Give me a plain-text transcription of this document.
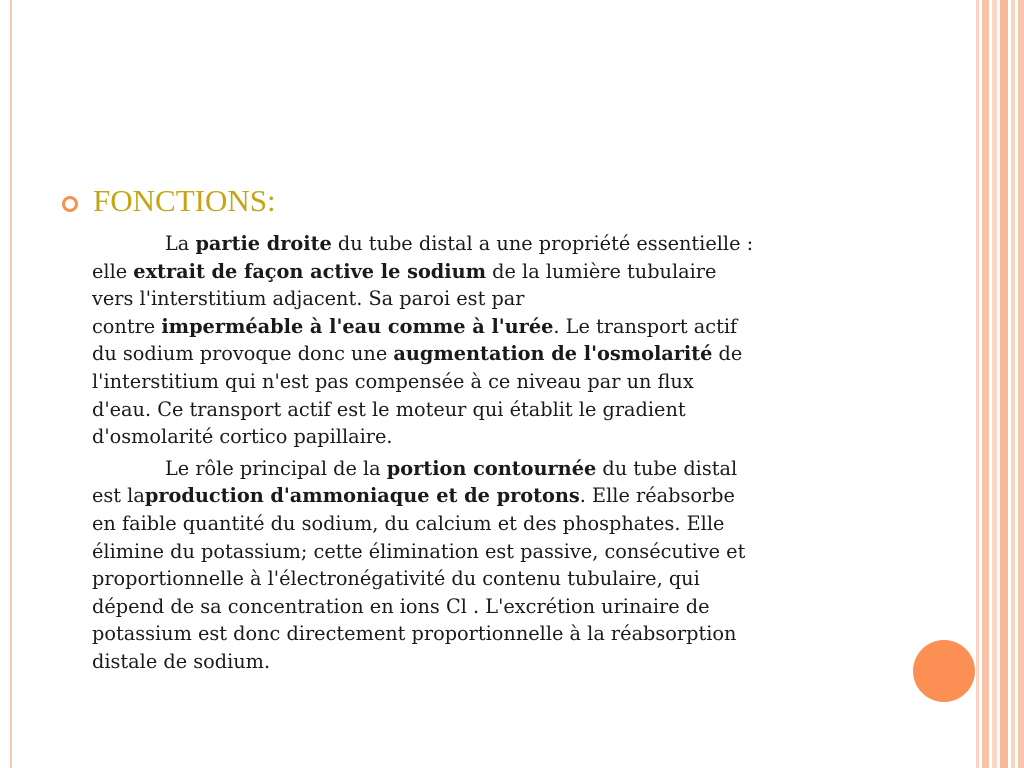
FONCTIONS:

La partie droite du tube distal a une propriété essentielle :
elle extrait de façon active le sodium de la lumière tubulaire
vers l'interstitium adjacent. Sa paroi est par
contre imperméable à l'eau comme à l'urée. Le transport actif
du sodium provoque donc une augmentation de l'osmolarité de
l'interstitium qui n'est pas compensée à ce niveau par un flux
d'eau. Ce transport actif est le moteur qui établit le gradient
d'osmolarité cortico papillaire.

Le rôle principal de la portion contournée du tube distal
est laproduction d'ammoniaque et de protons. Elle réabsorbe
en faible quantité du sodium, du calcium et des phosphates. Elle
élimine du potassium; cette élimination est passive, consécutive et
proportionnelle à l'électronégativité du contenu tubulaire, qui
dépend de sa concentration en ions Cl . L'excrétion urinaire de
potassium est donc directement proportionnelle à la réabsorption
distale de sodium.
